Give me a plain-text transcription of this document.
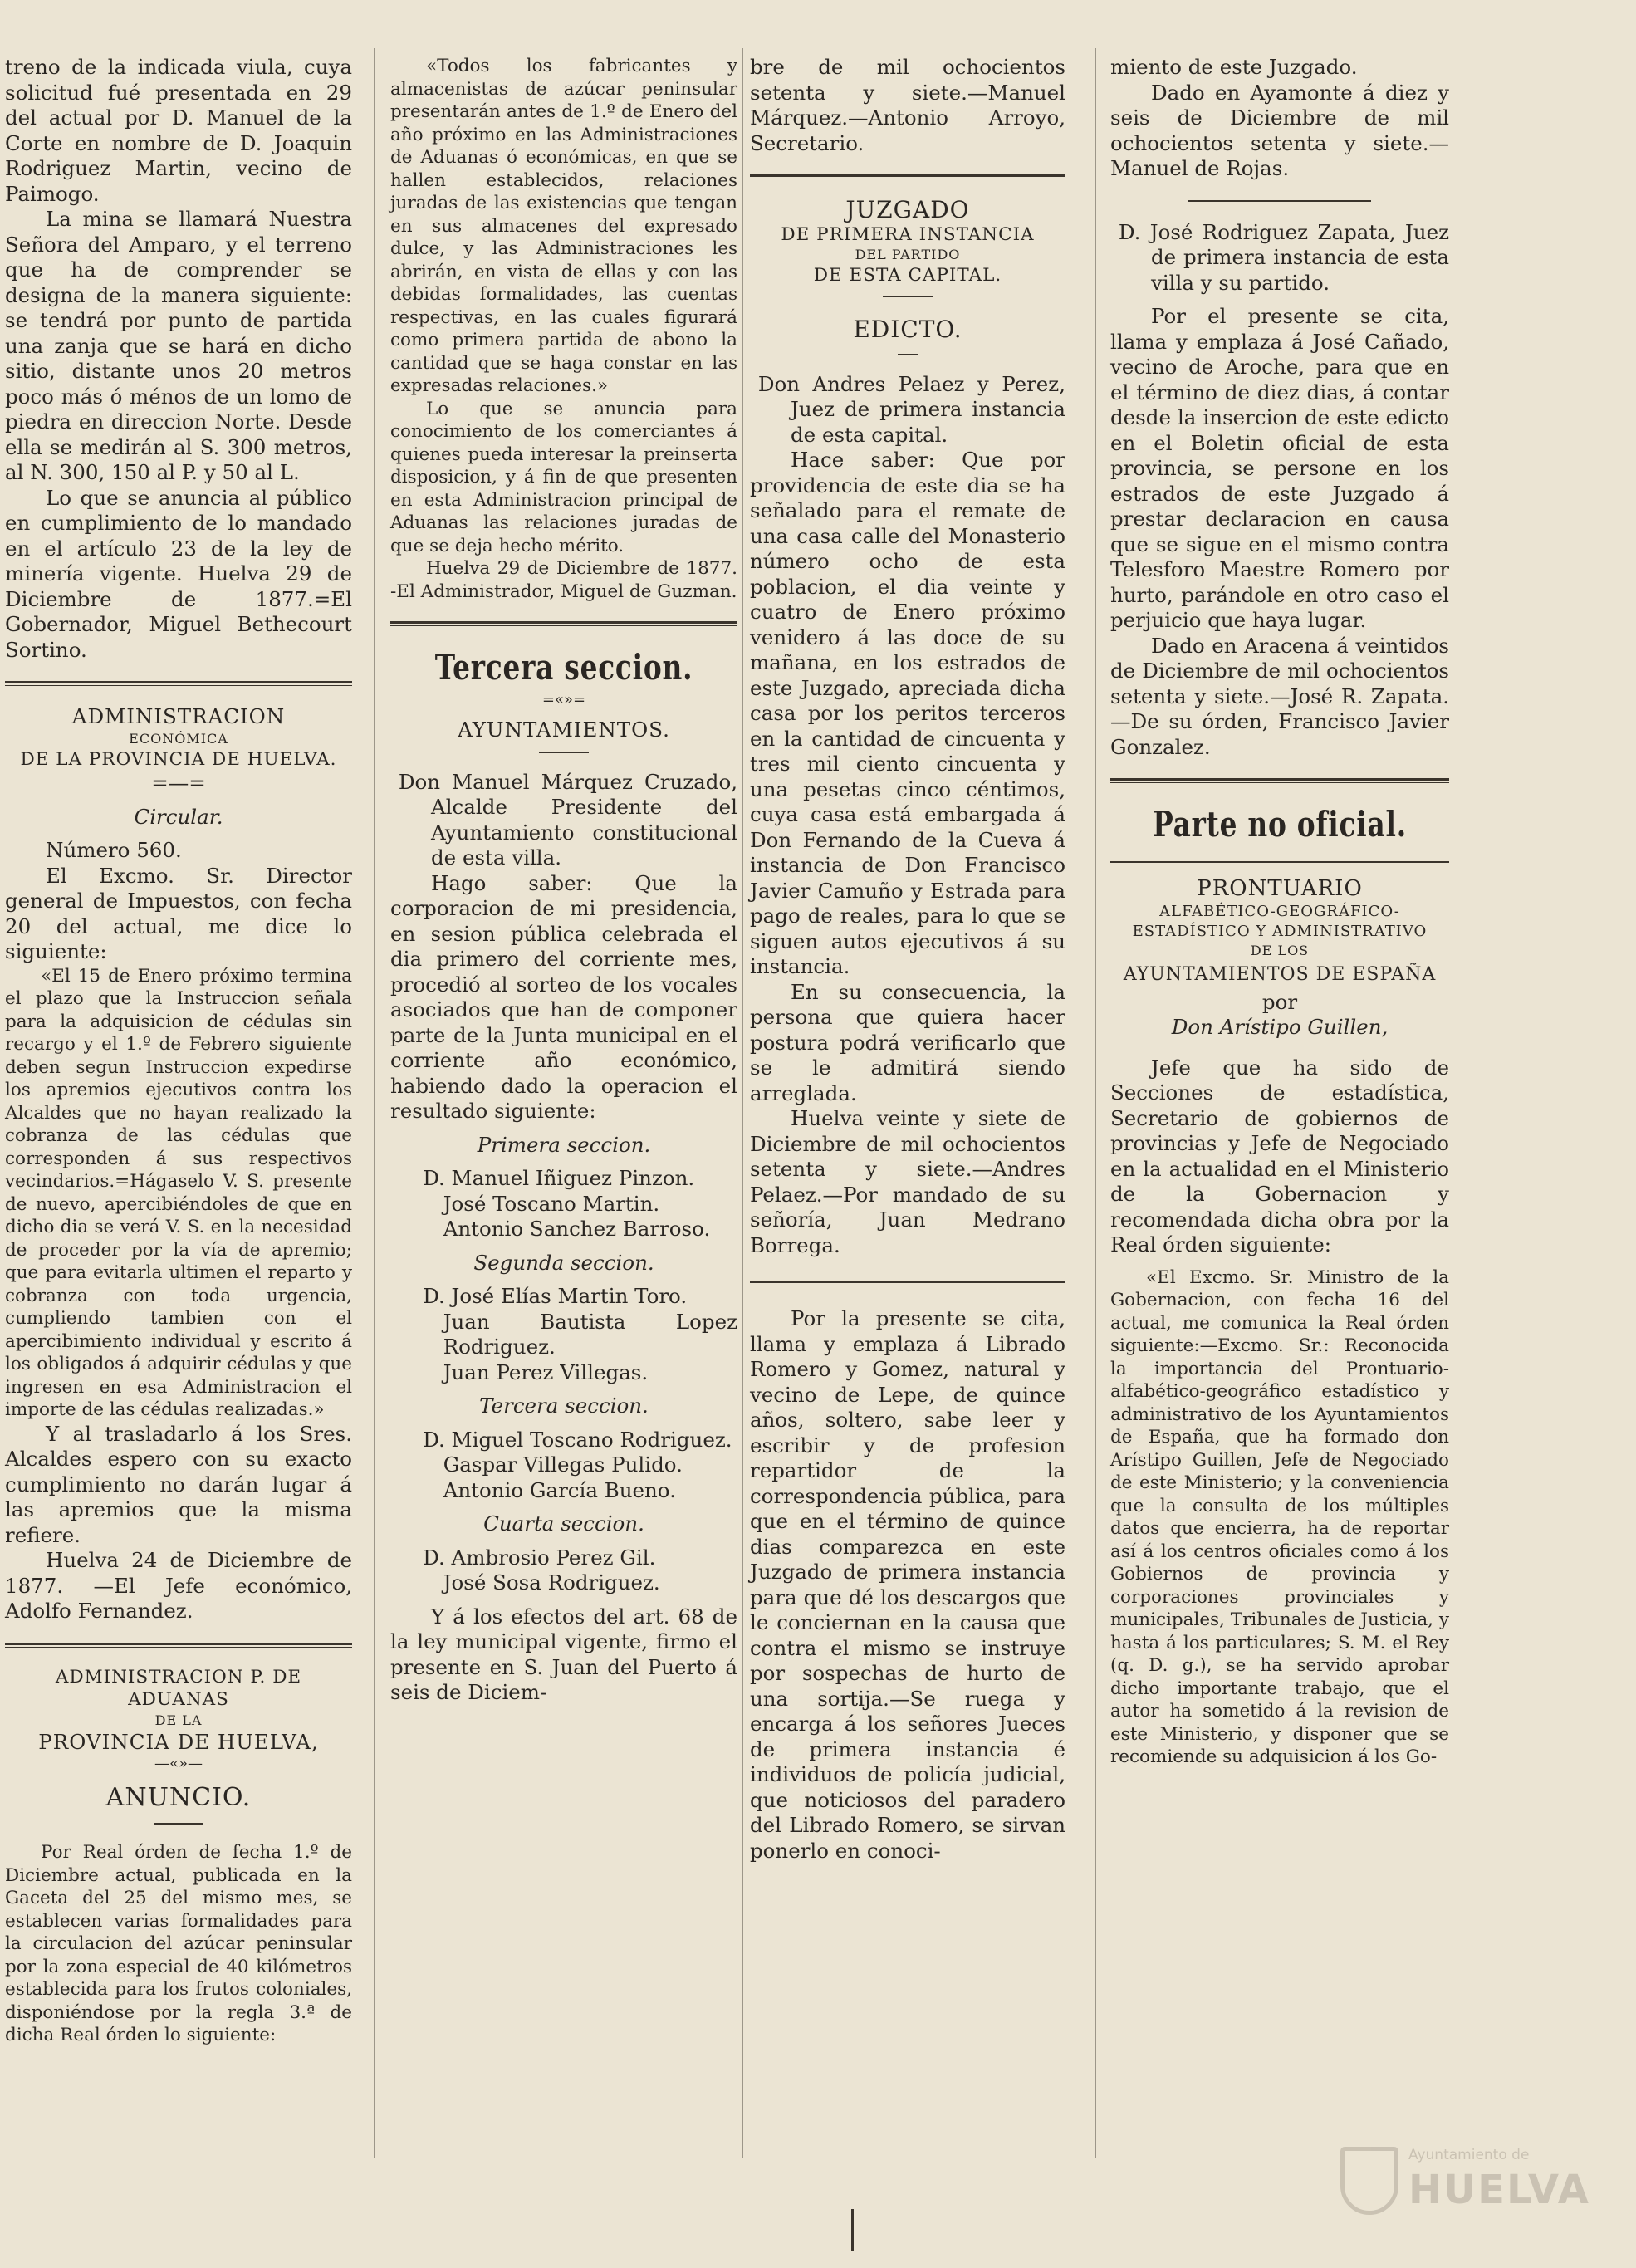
treno de la indicada viula, cuya solicitud fué presentada en 29 del actual por D. Manuel de la Corte en nombre de D. Joaquin Rodriguez Martin, vecino de Paimogo.

La mina se llamará Nuestra Señora del Amparo, y el terreno que ha de comprender se designa de la manera siguiente: se tendrá por punto de partida una zanja que se hará en dicho sitio, distante unos 20 metros poco más ó ménos de un lomo de piedra en direccion Norte. Desde ella se medirán al S. 300 metros, al N. 300, 150 al P. y 50 al L.

Lo que se anuncia al público en cumplimiento de lo mandado en el artículo 23 de la ley de minería vigente. Huelva 29 de Diciembre de 1877.=El Gobernador, Miguel Bethecourt Sortino.

ADMINISTRACION
ECONÓMICA
DE LA PROVINCIA DE HUELVA.
=—=
Circular.

Número 560.

El Excmo. Sr. Director general de Impuestos, con fecha 20 del actual, me dice lo siguiente:

«El 15 de Enero próximo termina el plazo que la Instruccion señala para la adquisicion de cédulas sin recargo y el 1.º de Febrero siguiente deben segun Instruccion expedirse los apremios ejecutivos contra los Alcaldes que no hayan realizado la cobranza de las cédulas que corresponden á sus respectivos vecindarios.=Hágaselo V. S. presente de nuevo, apercibiéndoles de que en dicho dia se verá V. S. en la necesidad de proceder por la vía de apremio; que para evitarla ultimen el reparto y cobranza con toda urgencia, cumpliendo tambien con el apercibimiento individual y escrito á los obligados á adquirir cédulas y que ingresen en esa Administracion el importe de las cédulas realizadas.»

Y al trasladarlo á los Sres. Alcaldes espero con su exacto cumplimiento no darán lugar á las apremios que la misma refiere.

Huelva 24 de Diciembre de 1877. —El Jefe económico, Adolfo Fernandez.

ADMINISTRACION P. DE ADUANAS
DE LA
PROVINCIA DE HUELVA,
—«»—
ANUNCIO.

Por Real órden de fecha 1.º de Diciembre actual, publicada en la Gaceta del 25 del mismo mes, se establecen varias formalidades para la circulacion del azúcar peninsular por la zona especial de 40 kilómetros establecida para los frutos coloniales, disponiéndose por la regla 3.ª de dicha Real órden lo siguiente:

«Todos los fabricantes y almacenistas de azúcar peninsular presentarán antes de 1.º de Enero del año próximo en las Administraciones de Aduanas ó económicas, en que se hallen establecidos, relaciones juradas de las existencias que tengan en sus almacenes del expresado dulce, y las Administraciones les abrirán, en vista de ellas y con las debidas formalidades, las cuentas respectivas, en las cuales figurará como primera partida de abono la cantidad que se haga constar en las expresadas relaciones.»

Lo que se anuncia para conocimiento de los comerciantes á quienes pueda interesar la preinserta disposicion, y á fin de que presenten en esta Administracion principal de Aduanas las relaciones juradas de que se deja hecho mérito.

Huelva 29 de Diciembre de 1877. -El Administrador, Miguel de Guzman.

Tercera seccion.
=«»=
AYUNTAMIENTOS.

Don Manuel Márquez Cruzado, Alcalde Presidente del Ayuntamiento constitucional de esta villa.

Hago saber: Que la corporacion de mi presidencia, en sesion pública celebrada el dia primero del corriente mes, procedió al sorteo de los vocales asociados que han de componer parte de la Junta municipal en el corriente año económico, habiendo dado la operacion el resultado siguiente:

Primera seccion.

D. Manuel Iñiguez Pinzon.

José Toscano Martin.

Antonio Sanchez Barroso.

Segunda seccion.

D. José Elías Martin Toro.

Juan Bautista Lopez Rodriguez.

Juan Perez Villegas.

Tercera seccion.

D. Miguel Toscano Rodriguez.

Gaspar Villegas Pulido.

Antonio García Bueno.

Cuarta seccion.

D. Ambrosio Perez Gil.

José Sosa Rodriguez.

Y á los efectos del art. 68 de la ley municipal vigente, firmo el presente en S. Juan del Puerto á seis de Diciem-

bre de mil ochocientos setenta y siete.—Manuel Márquez.—Antonio Arroyo, Secretario.

JUZGADO
DE PRIMERA INSTANCIA
DEL PARTIDO
DE ESTA CAPITAL.
EDICTO.

Don Andres Pelaez y Perez, Juez de primera instancia de esta capital.

Hace saber: Que por providencia de este dia se ha señalado para el remate de una casa calle del Monasterio número ocho de esta poblacion, el dia veinte y cuatro de Enero próximo venidero á las doce de su mañana, en los estrados de este Juzgado, apreciada dicha casa por los peritos terceros en la cantidad de cincuenta y tres mil ciento cincuenta y una pesetas cinco céntimos, cuya casa está embargada á Don Fernando de la Cueva á instancia de Don Francisco Javier Camuño y Estrada para pago de reales, para lo que se siguen autos ejecutivos á su instancia.

En su consecuencia, la persona que quiera hacer postura podrá verificarlo que se le admitirá siendo arreglada.

Huelva veinte y siete de Diciembre de mil ochocientos setenta y siete.—Andres Pelaez.—Por mandado de su señoría, Juan Medrano Borrega.

Por la presente se cita, llama y emplaza á Librado Romero y Gomez, natural y vecino de Lepe, de quince años, soltero, sabe leer y escribir y de profesion repartidor de la correspondencia pública, para que en el término de quince dias comparezca en este Juzgado de primera instancia para que dé los descargos que le conciernan en la causa que contra el mismo se instruye por sospechas de hurto de una sortija.—Se ruega y encarga á los señores Jueces de primera instancia é individuos de policía judicial, que noticiosos del paradero del Librado Romero, se sirvan ponerlo en conoci-

miento de este Juzgado.

Dado en Ayamonte á diez y seis de Diciembre de mil ochocientos setenta y siete.—Manuel de Rojas.

D. José Rodriguez Zapata, Juez de primera instancia de esta villa y su partido.

Por el presente se cita, llama y emplaza á José Cañado, vecino de Aroche, para que en el término de diez dias, á contar desde la insercion de este edicto en el Boletin oficial de esta provincia, se persone en los estrados de este Juzgado á prestar declaracion en causa que se sigue en el mismo contra Telesforo Maestre Romero por hurto, parándole en otro caso el perjuicio que haya lugar.

Dado en Aracena á veintidos de Diciembre de mil ochocientos setenta y siete.—José R. Zapata.—De su órden, Francisco Javier Gonzalez.

Parte no oficial.
PRONTUARIO
ALFABÉTICO-GEOGRÁFICO-ESTADÍSTICO Y ADMINISTRATIVO
DE LOS
AYUNTAMIENTOS DE ESPAÑA
por
Don Arístipo Guillen,

Jefe que ha sido de Secciones de estadística, Secretario de gobiernos de provincias y Jefe de Negociado en la actualidad en el Ministerio de la Gobernacion y recomendada dicha obra por la Real órden siguiente:

«El Excmo. Sr. Ministro de la Gobernacion, con fecha 16 del actual, me comunica la Real órden siguiente:—Excmo. Sr.: Reconocida la importancia del Prontuario-alfabético-geográfico estadístico y administrativo de los Ayuntamientos de España, que ha formado don Arístipo Guillen, Jefe de Negociado de este Ministerio; y la conveniencia que la consulta de los múltiples datos que encierra, ha de reportar así á los centros oficiales como á los Gobiernos de provincia y corporaciones provinciales y municipales, Tribunales de Justicia, y hasta á los particulares; S. M. el Rey (q. D. g.), se ha servido aprobar dicho importante trabajo, que el autor ha sometido á la revision de este Ministerio, y disponer que se recomiende su adquisicion á los Go-

Ayuntamiento de
HUELVA
